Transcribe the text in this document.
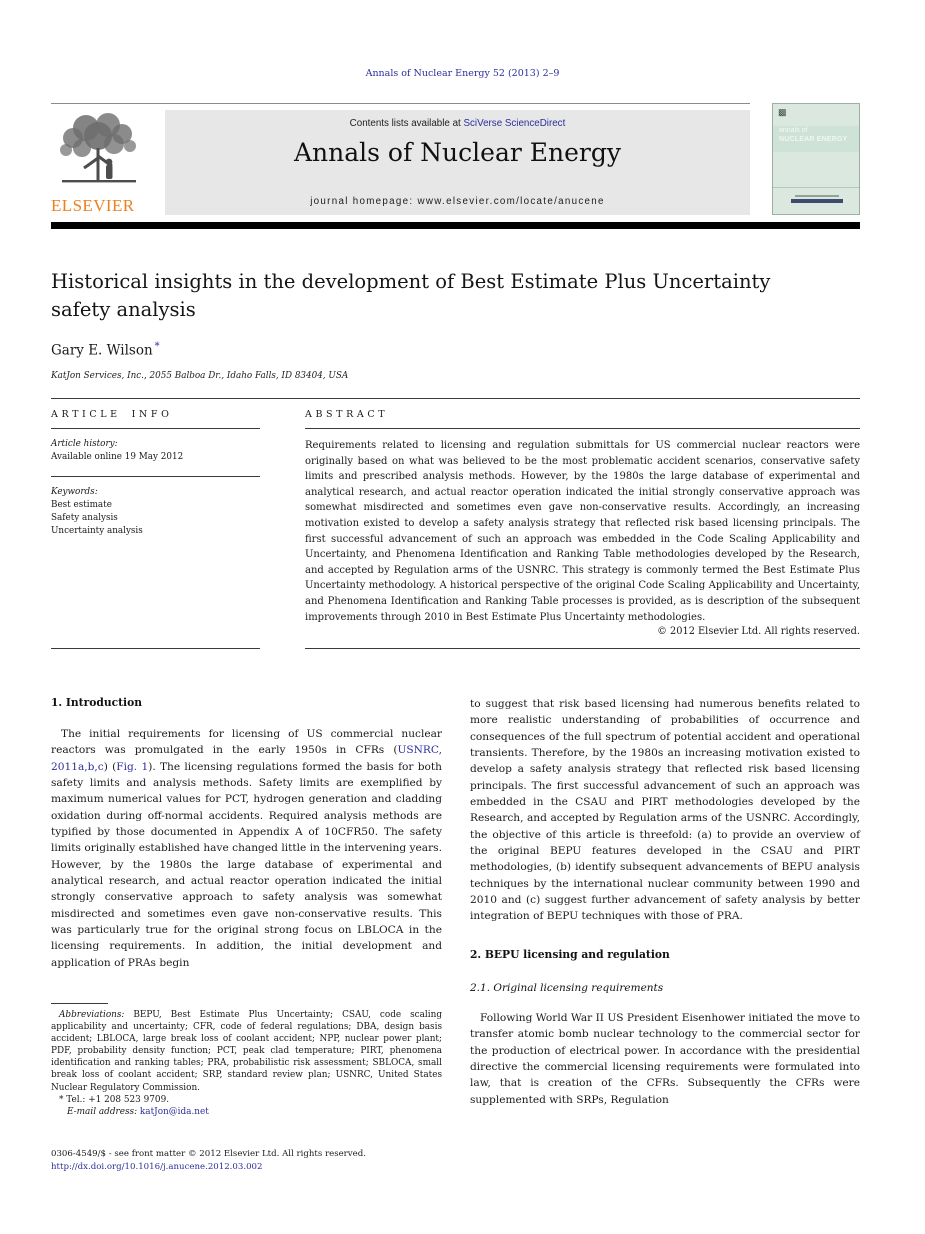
Annals of Nuclear Energy 52 (2013) 2–9
ELSEVIER
Contents lists available at SciVerse ScienceDirect
Annals of Nuclear Energy
journal homepage: www.elsevier.com/locate/anucene
▩
annals of
NUCLEAR ENERGY
Historical insights in the development of Best Estimate Plus Uncertainty
safety analysis
Gary E. Wilson *
KatJon Services, Inc., 2055 Balboa Dr., Idaho Falls, ID 83404, USA
ARTICLE INFO
Article history:
Available online 19 May 2012
Keywords:
Best estimate
Safety analysis
Uncertainty analysis
ABSTRACT
Requirements related to licensing and regulation submittals for US commercial nuclear reactors were originally based on what was believed to be the most problematic accident scenarios, conservative safety limits and prescribed analysis methods. However, by the 1980s the large database of experimental and analytical research, and actual reactor operation indicated the initial strongly conservative approach was somewhat misdirected and sometimes even gave non-conservative results. Accordingly, an increasing motivation existed to develop a safety analysis strategy that reflected risk based licensing principals. The first successful advancement of such an approach was embedded in the Code Scaling Applicability and Uncertainty, and Phenomena Identification and Ranking Table methodologies developed by the Research, and accepted by Regulation arms of the USNRC. This strategy is commonly termed the Best Estimate Plus Uncertainty methodology. A historical perspective of the original Code Scaling Applicability and Uncertainty, and Phenomena Identification and Ranking Table processes is provided, as is description of the subsequent improvements through 2010 in Best Estimate Plus Uncertainty methodologies.
© 2012 Elsevier Ltd. All rights reserved.
1. Introduction

The initial requirements for licensing of US commercial nuclear reactors was promulgated in the early 1950s in CFRs (USNRC, 2011a,b,c) (Fig. 1). The licensing regulations formed the basis for both safety limits and analysis methods. Safety limits are exemplified by maximum numerical values for PCT, hydrogen generation and cladding oxidation during off-normal accidents. Required analysis methods are typified by those documented in Appendix A of 10CFR50. The safety limits originally established have changed little in the intervening years. However, by the 1980s the large database of experimental and analytical research, and actual reactor operation indicated the initial strongly conservative approach to safety analysis was somewhat misdirected and sometimes even gave non-conservative results. This was particularly true for the original strong focus on LBLOCA in the licensing requirements. In addition, the initial development and application of PRAs begin

to suggest that risk based licensing had numerous benefits related to more realistic understanding of probabilities of occurrence and consequences of the full spectrum of potential accident and operational transients. Therefore, by the 1980s an increasing motivation existed to develop a safety analysis strategy that reflected risk based licensing principals. The first successful advancement of such an approach was embedded in the CSAU and PIRT methodologies developed by the Research, and accepted by Regulation arms of the USNRC. Accordingly, the objective of this article is threefold: (a) to provide an overview of the original BEPU features developed in the CSAU and PIRT methodologies, (b) identify subsequent advancements of BEPU analysis techniques by the international nuclear community between 1990 and 2010 and (c) suggest further advancement of safety analysis by better integration of BEPU techniques with those of PRA.

2. BEPU licensing and regulation
2.1. Original licensing requirements

Following World War II US President Eisenhower initiated the move to transfer atomic bomb nuclear technology to the commercial sector for the production of electrical power. In accordance with the presidential directive the commercial licensing requirements were formulated into law, that is creation of the CFRs. Subsequently the CFRs were supplemented with SRPs, Regulation

Abbreviations: BEPU, Best Estimate Plus Uncertainty; CSAU, code scaling applicability and uncertainty; CFR, code of federal regulations; DBA, design basis accident; LBLOCA, large break loss of coolant accident; NPP, nuclear power plant; PDF, probability density function; PCT, peak clad temperature; PIRT, phenomena identification and ranking tables; PRA, probabilistic risk assessment; SBLOCA, small break loss of coolant accident; SRP, standard review plan; USNRC, United States Nuclear Regulatory Commission.

* Tel.: +1 208 523 9709.

E-mail address: katJon@ida.net

0306-4549/$ - see front matter © 2012 Elsevier Ltd. All rights reserved.
http://dx.doi.org/10.1016/j.anucene.2012.03.002
